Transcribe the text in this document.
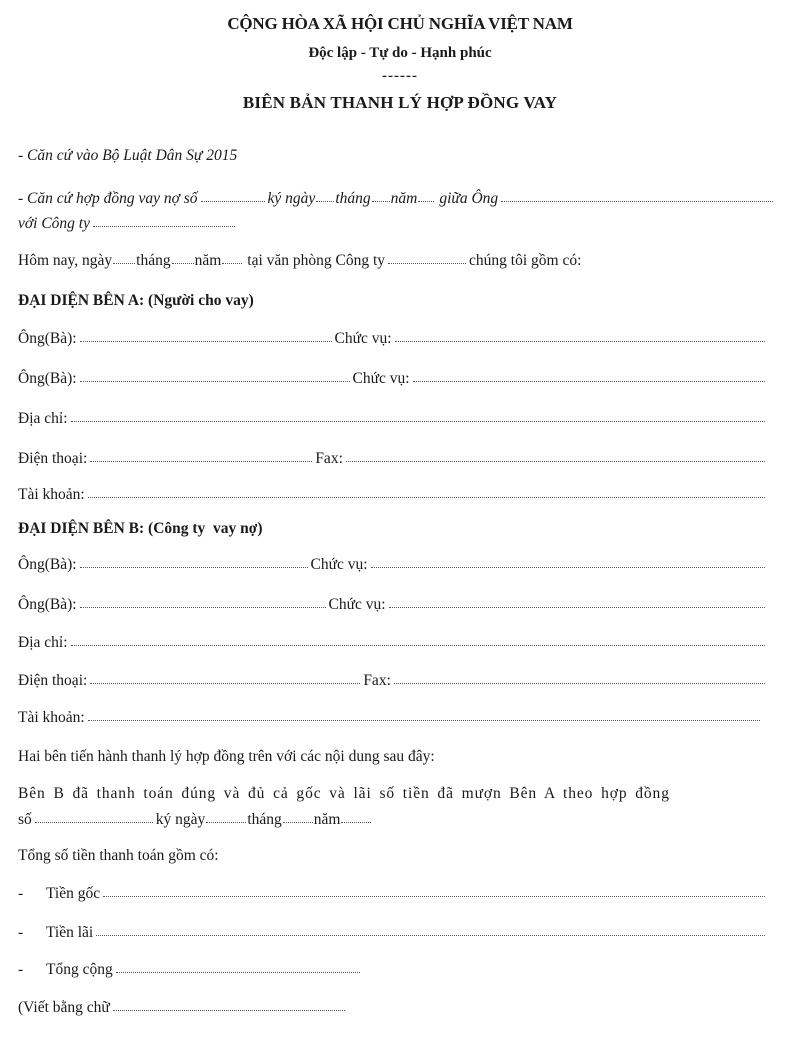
CỘNG HÒA XÃ HỘI CHỦ NGHĨA VIỆT NAM
Độc lập - Tự do - Hạnh phúc
------
BIÊN BẢN THANH LÝ HỢP ĐỒNG VAY
- Căn cứ vào Bộ Luật Dân Sự 2015
- Căn cứ hợp đồng vay nợ số	ký ngày tháng năm giữa Ông
với Công ty
Hôm nay, ngày tháng năm tại văn phòng Công ty	chúng tôi gồm có:
ĐẠI DIỆN BÊN A: (Người cho vay)
Ông(Bà):	Chức vụ:
Ông(Bà):	Chức vụ:
Địa chỉ:
Điện thoại:	Fax:
Tài khoản:
ĐẠI DIỆN BÊN B: (Công ty  vay nợ)
Ông(Bà):	Chức vụ:
Ông(Bà):	Chức vụ:
Địa chỉ:
Điện thoại:	Fax:
Tài khoản:
Hai bên tiến hành thanh lý hợp đồng trên với các nội dung sau đây:
Bên B đã thanh toán đúng và đủ cả gốc và lãi số tiền đã mượn Bên A theo hợp đồng
số	ký ngày	tháng năm
Tổng số tiền thanh toán gồm có:
-	Tiền gốc
-	Tiền lãi
-	Tổng cộng
(Viết bằng chữ
